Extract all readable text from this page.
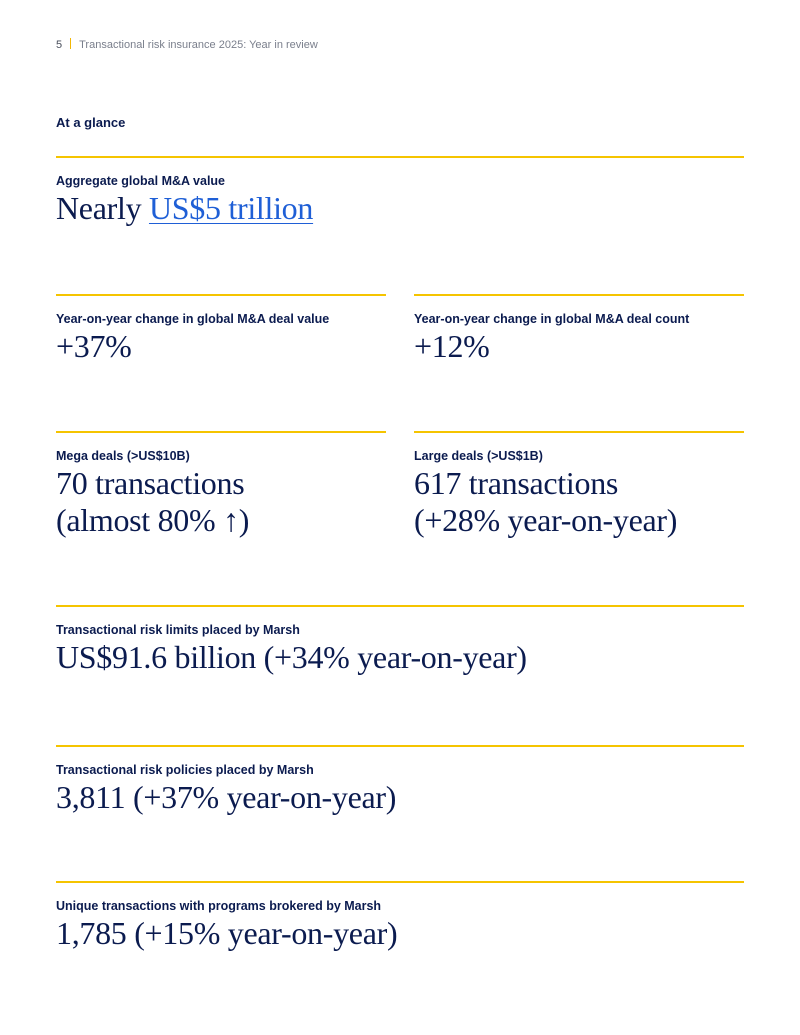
5 Transactional risk insurance 2025: Year in review
At a glance
Aggregate global M&A value
Nearly US$5 trillion
Year-on-year change in global M&A deal value
+37%
Year-on-year change in global M&A deal count
+12%
Mega deals (>US$10B)
70 transactions
(almost 80% ↑)
Large deals (>US$1B)
617 transactions
(+28% year-on-year)
Transactional risk limits placed by Marsh
US$91.6 billion (+34% year-on-year)
Transactional risk policies placed by Marsh
3,811 (+37% year-on-year)
Unique transactions with programs brokered by Marsh
1,785 (+15% year-on-year)
